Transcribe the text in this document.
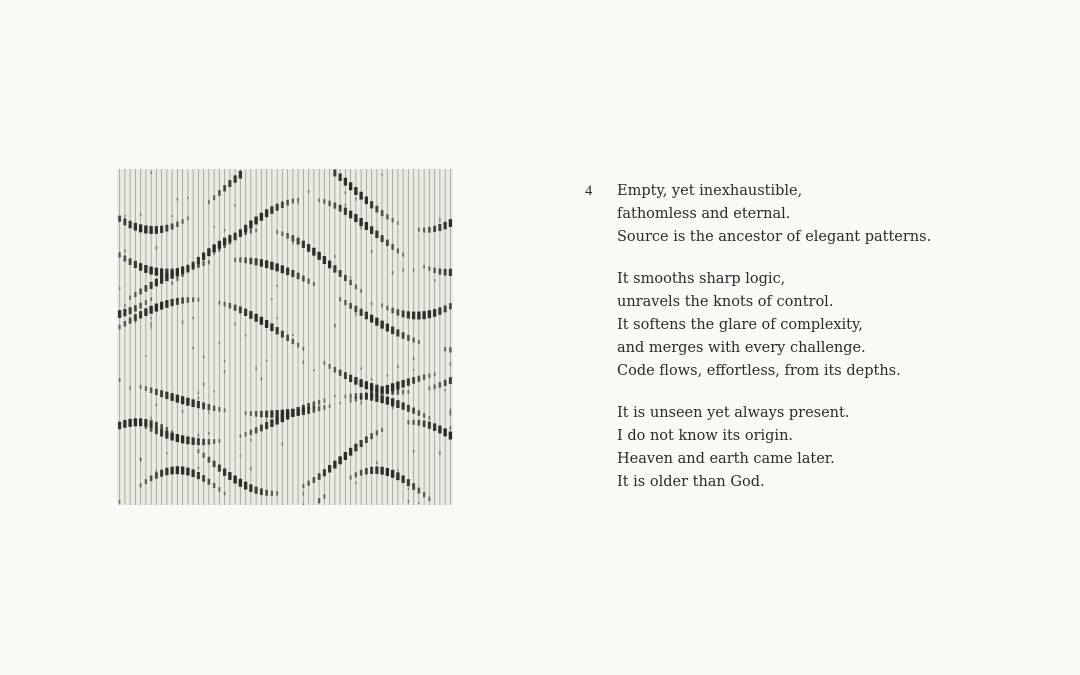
4 Empty, yet inexhaustible,
fathomless and eternal.
Source is the ancestor of elegant patterns.
It smooths sharp logic,
unravels the knots of control.
It softens the glare of complexity,
and merges with every challenge.
Code flows, effortless, from its depths.
It is unseen yet always present.
I do not know its origin.
Heaven and earth came later.
It is older than God.
